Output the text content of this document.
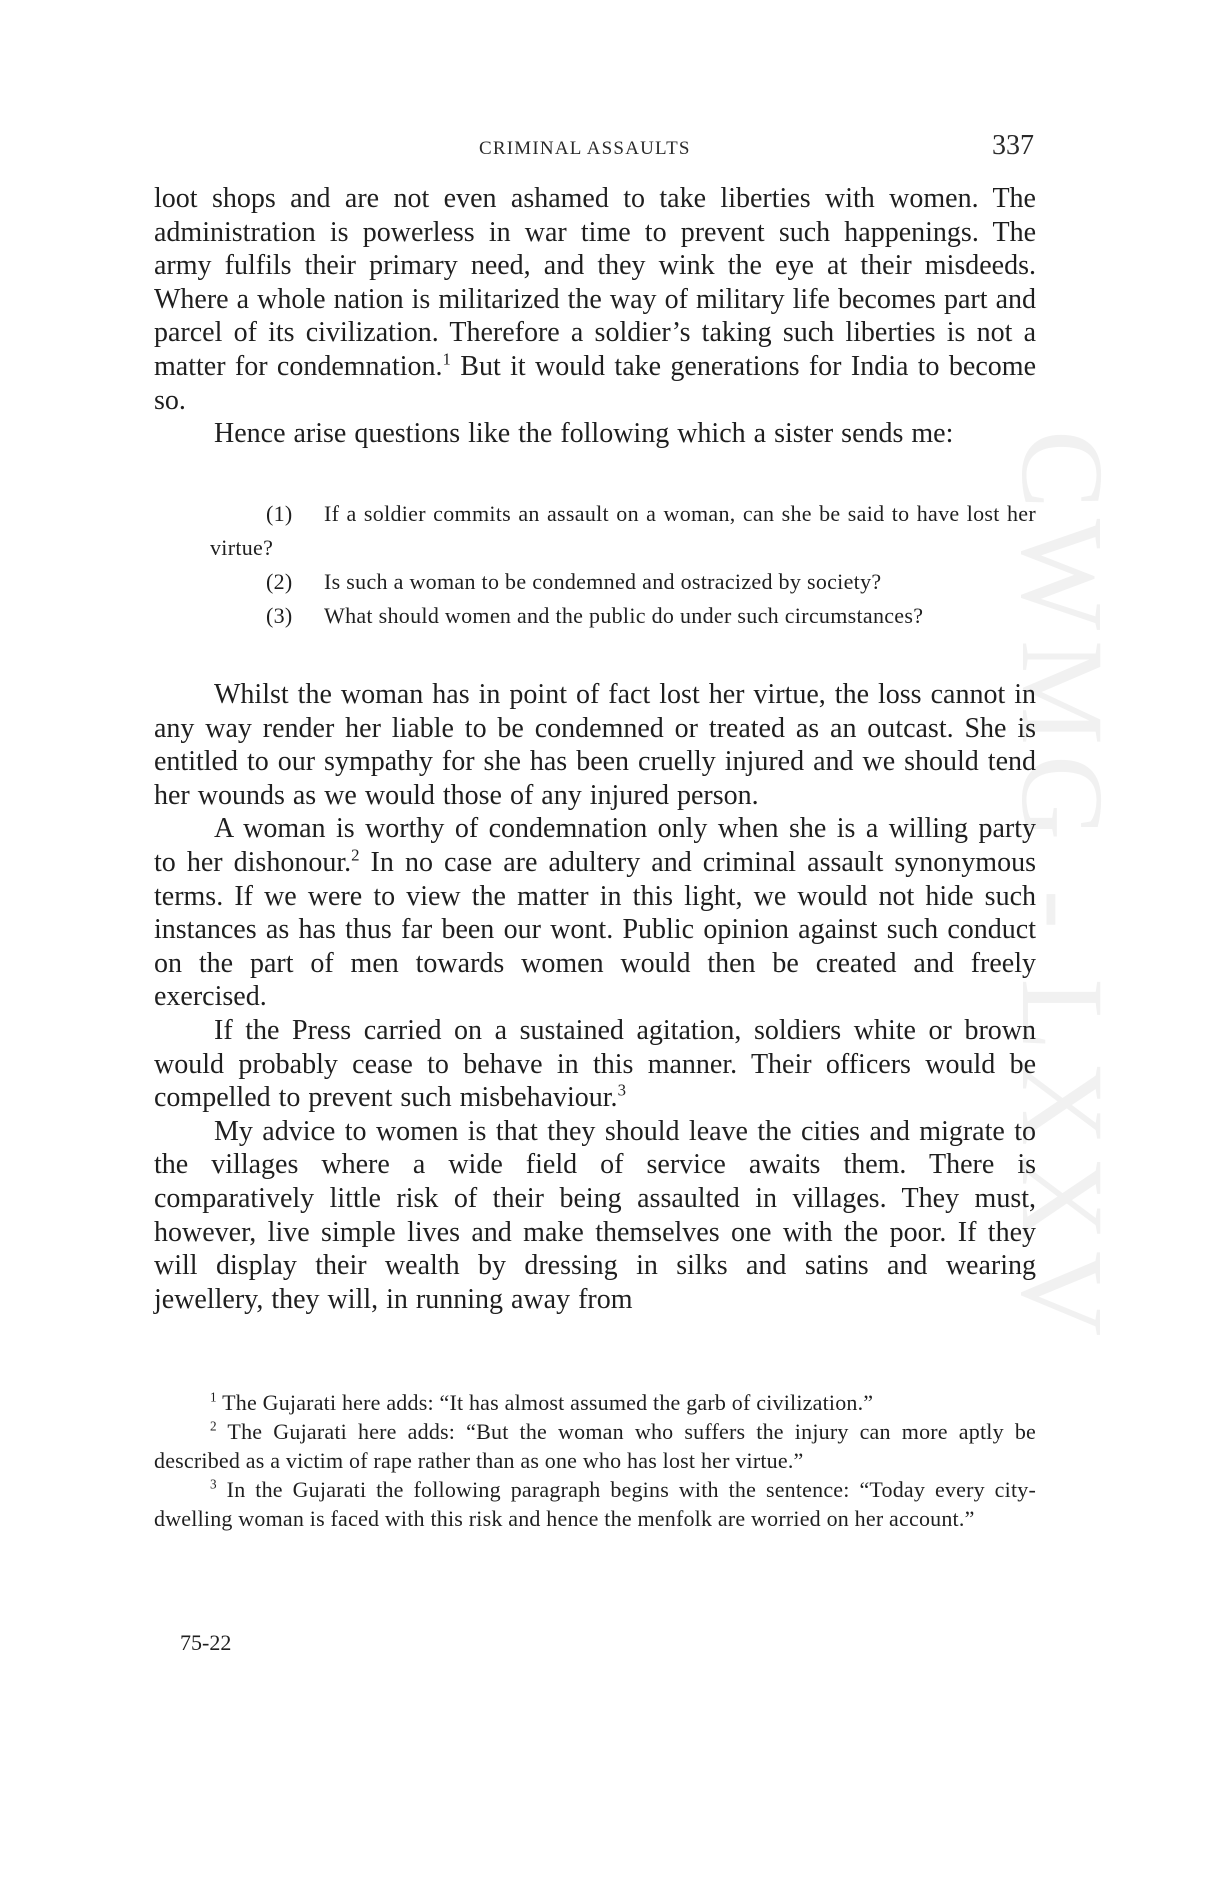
CWMG - LXXV
CRIMINAL ASSAULTS	337

loot shops and are not even ashamed to take liberties with women. The administration is powerless in war time to prevent such happenings. The army fulfils their primary need, and they wink the eye at their misdeeds. Where a whole nation is militarized the way of military life becomes part and parcel of its civilization. Therefore a soldier’s taking such liberties is not a matter for condemnation.$^1$ But it would take generations for India to become so.

Hence arise questions like the following which a sister sends me:

(1) If a soldier commits an assault on a woman, can she be said to have lost her virtue?

(2) Is such a woman to be condemned and ostracized by society?

(3) What should women and the public do under such circumstances?

Whilst the woman has in point of fact lost her virtue, the loss cannot in any way render her liable to be condemned or treated as an outcast. She is entitled to our sympathy for she has been cruelly injured and we should tend her wounds as we would those of any injured person.

A woman is worthy of condemnation only when she is a willing party to her dishonour.$^2$ In no case are adultery and criminal assault synonymous terms. If we were to view the matter in this light, we would not hide such instances as has thus far been our wont. Public opinion against such conduct on the part of men towards women would then be created and freely exercised.

If the Press carried on a sustained agitation, soldiers white or brown would probably cease to behave in this manner. Their officers would be compelled to prevent such misbehaviour.$^3$

My advice to women is that they should leave the cities and migrate to the villages where a wide field of service awaits them. There is comparatively little risk of their being assaulted in villages. They must, however, live simple lives and make themselves one with the poor. If they will display their wealth by dressing in silks and satins and wearing jewellery, they will, in running away from

$^1$ The Gujarati here adds: “It has almost assumed the garb of civilization.”

$^2$ The Gujarati here adds: “But the woman who suffers the injury can more aptly be described as a victim of rape rather than as one who has lost her virtue.”

$^3$ In the Gujarati the following paragraph begins with the sentence: “Today every city-dwelling woman is faced with this risk and hence the menfolk are worried on her account.”

75-22
